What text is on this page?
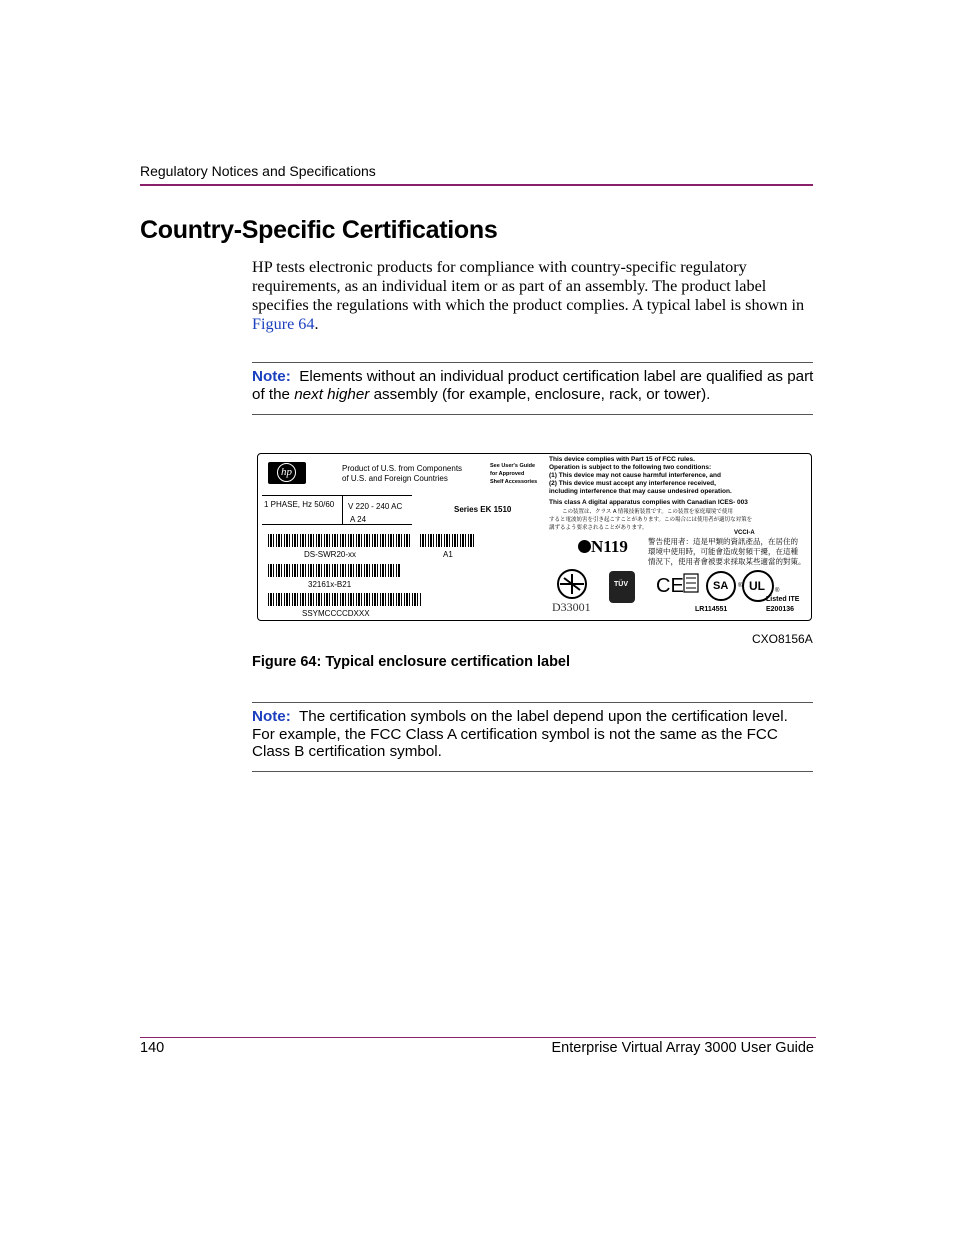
Regulatory Notices and Specifications
Country-Specific Certifications
HP tests electronic products for compliance with country-specific regulatory requirements, as an individual item or as part of an assembly. The product label specifies the regulations with which the product complies. A typical label is shown in Figure 64.
Note: Elements without an individual product certification label are qualified as part of the next higher assembly (for example, enclosure, rack, or tower).
hp	Product of U.S. from Components
of U.S. and Foreign Countries
See User's Guide
for Approved
Shelf Accessories
1 PHASE, Hz 50/60 V 220 - 240 AC
A 24
Series EK 1510
DS-SWR20-xx	A1
32161x-B21
SSYMCCCCDXXX
This device complies with Part 15 of FCC rules.
Operation is subject to the following two conditions:
(1) This device may not cause harmful interference, and
(2) This device must accept any interference received,
including interference that may cause undesired operation.
This class A digital apparatus complies with Canadian ICES- 003
この装置は、クラス A 情報技術装置です。この装置を家庭環境で使用
すると電波妨害を引き起こすことがあります。この場合には使用者が適切な対策を
講ずるよう要求されることがあります。
VCCI-A
警告使用者：這是甲類的資訊產品，在居住的
環境中使用時，可能會造成射頻干擾，在這種
情況下，使用者會被要求採取某些適當的對策。
N119
D33001
TÜV CE	SA ®
LR114551
UL ®
Listed ITE
E200136
CXO8156A
Figure 64: Typical enclosure certification label
Note: The certification symbols on the label depend upon the certification level. For example, the FCC Class A certification symbol is not the same as the FCC Class B certification symbol.
140	Enterprise Virtual Array 3000 User Guide
